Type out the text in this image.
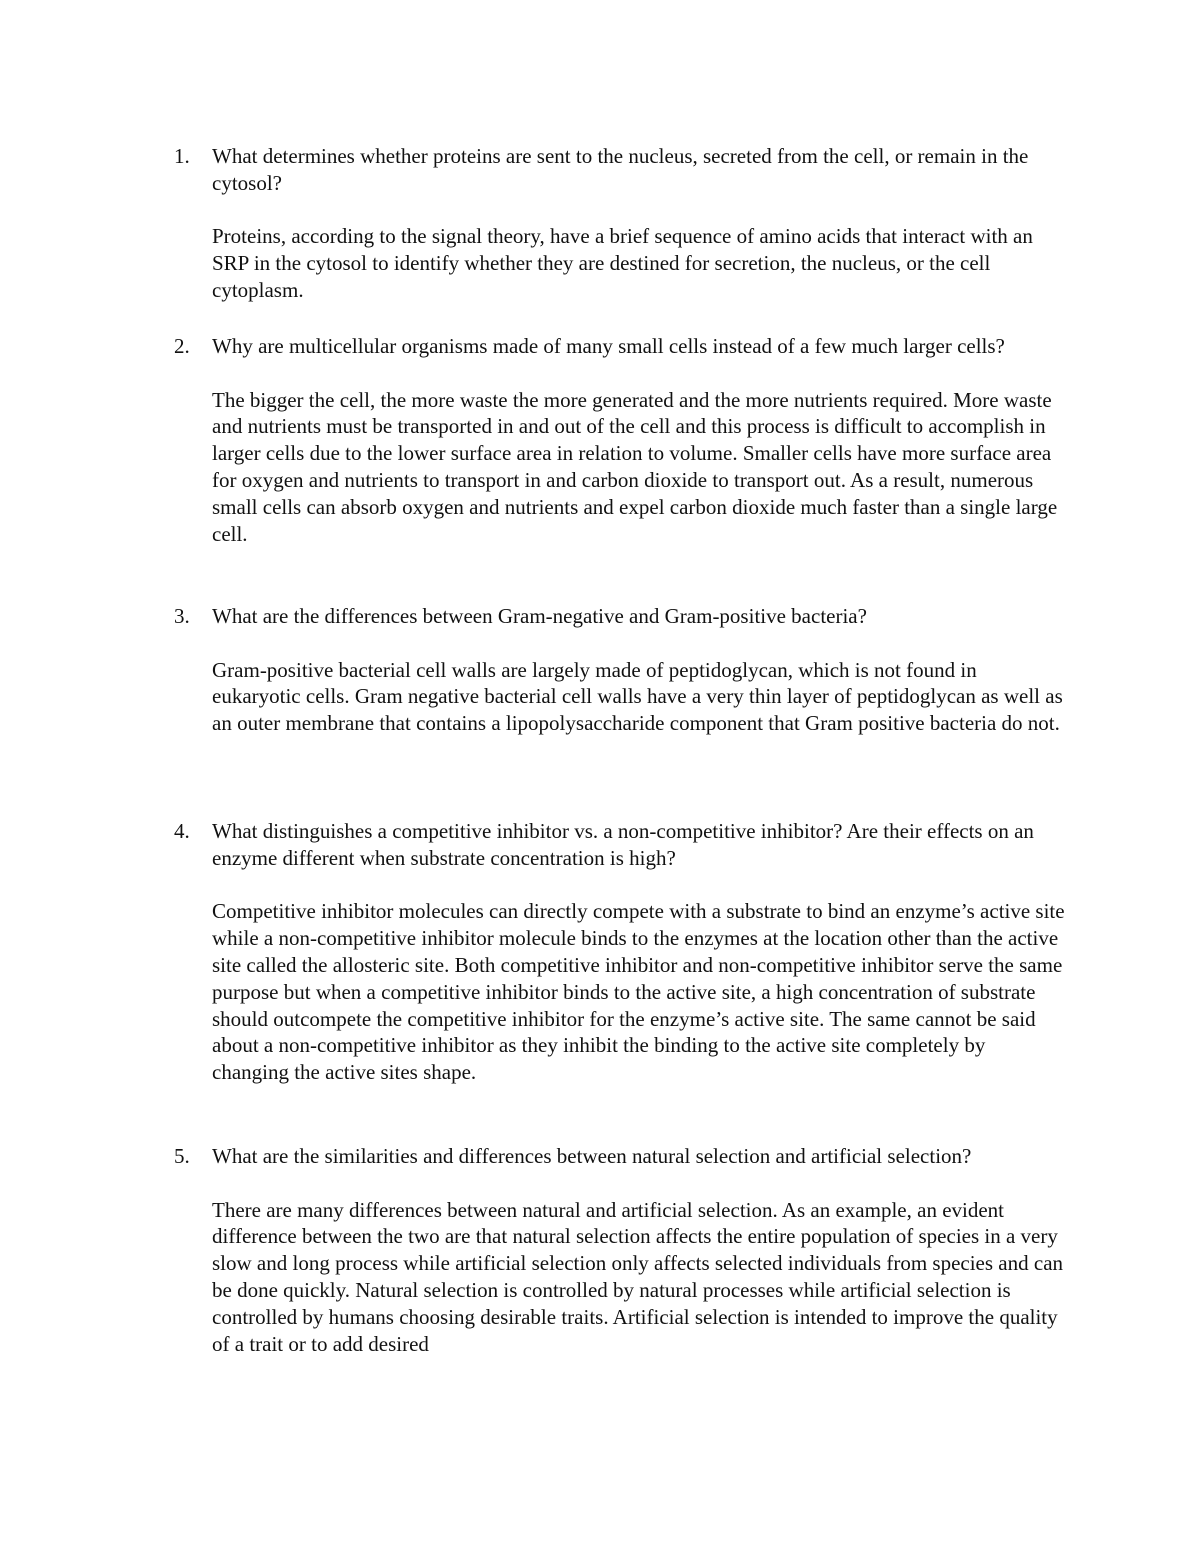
1.	What determines whether proteins are sent to the nucleus, secreted from the cell, or remain in the cytosol?
Proteins, according to the signal theory, have a brief sequence of amino acids that interact with an SRP in the cytosol to identify whether they are destined for secretion, the nucleus, or the cell cytoplasm.
2.	Why are multicellular organisms made of many small cells instead of a few much larger cells?
The bigger the cell, the more waste the more generated and the more nutrients required. More waste and nutrients must be transported in and out of the cell and this process is difficult to accomplish in larger cells due to the lower surface area in relation to volume. Smaller cells have more surface area for oxygen and nutrients to transport in and carbon dioxide to transport out. As a result, numerous small cells can absorb oxygen and nutrients and expel carbon dioxide much faster than a single large cell.
3.	What are the differences between Gram-negative and Gram-positive bacteria?
Gram-positive bacterial cell walls are largely made of peptidoglycan, which is not found in eukaryotic cells. Gram negative bacterial cell walls have a very thin layer of peptidoglycan as well as an outer membrane that contains a lipopolysaccharide component that Gram positive bacteria do not.
4.	What distinguishes a competitive inhibitor vs. a non-competitive inhibitor? Are their effects on an enzyme different when substrate concentration is high?
Competitive inhibitor molecules can directly compete with a substrate to bind an enzyme’s active site while a non-competitive inhibitor molecule binds to the enzymes at the location other than the active site called the allosteric site. Both competitive inhibitor and non-competitive inhibitor serve the same purpose but when a competitive inhibitor binds to the active site, a high concentration of substrate should outcompete the competitive inhibitor for the enzyme’s active site. The same cannot be said about a non-competitive inhibitor as they inhibit the binding to the active site completely by changing the active sites shape.
5.	What are the similarities and differences between natural selection and artificial selection?
There are many differences between natural and artificial selection. As an example, an evident difference between the two are that natural selection affects the entire population of species in a very slow and long process while artificial selection only affects selected individuals from species and can be done quickly. Natural selection is controlled by natural processes while artificial selection is controlled by humans choosing desirable traits. Artificial selection is intended to improve the quality of a trait or to add desired
